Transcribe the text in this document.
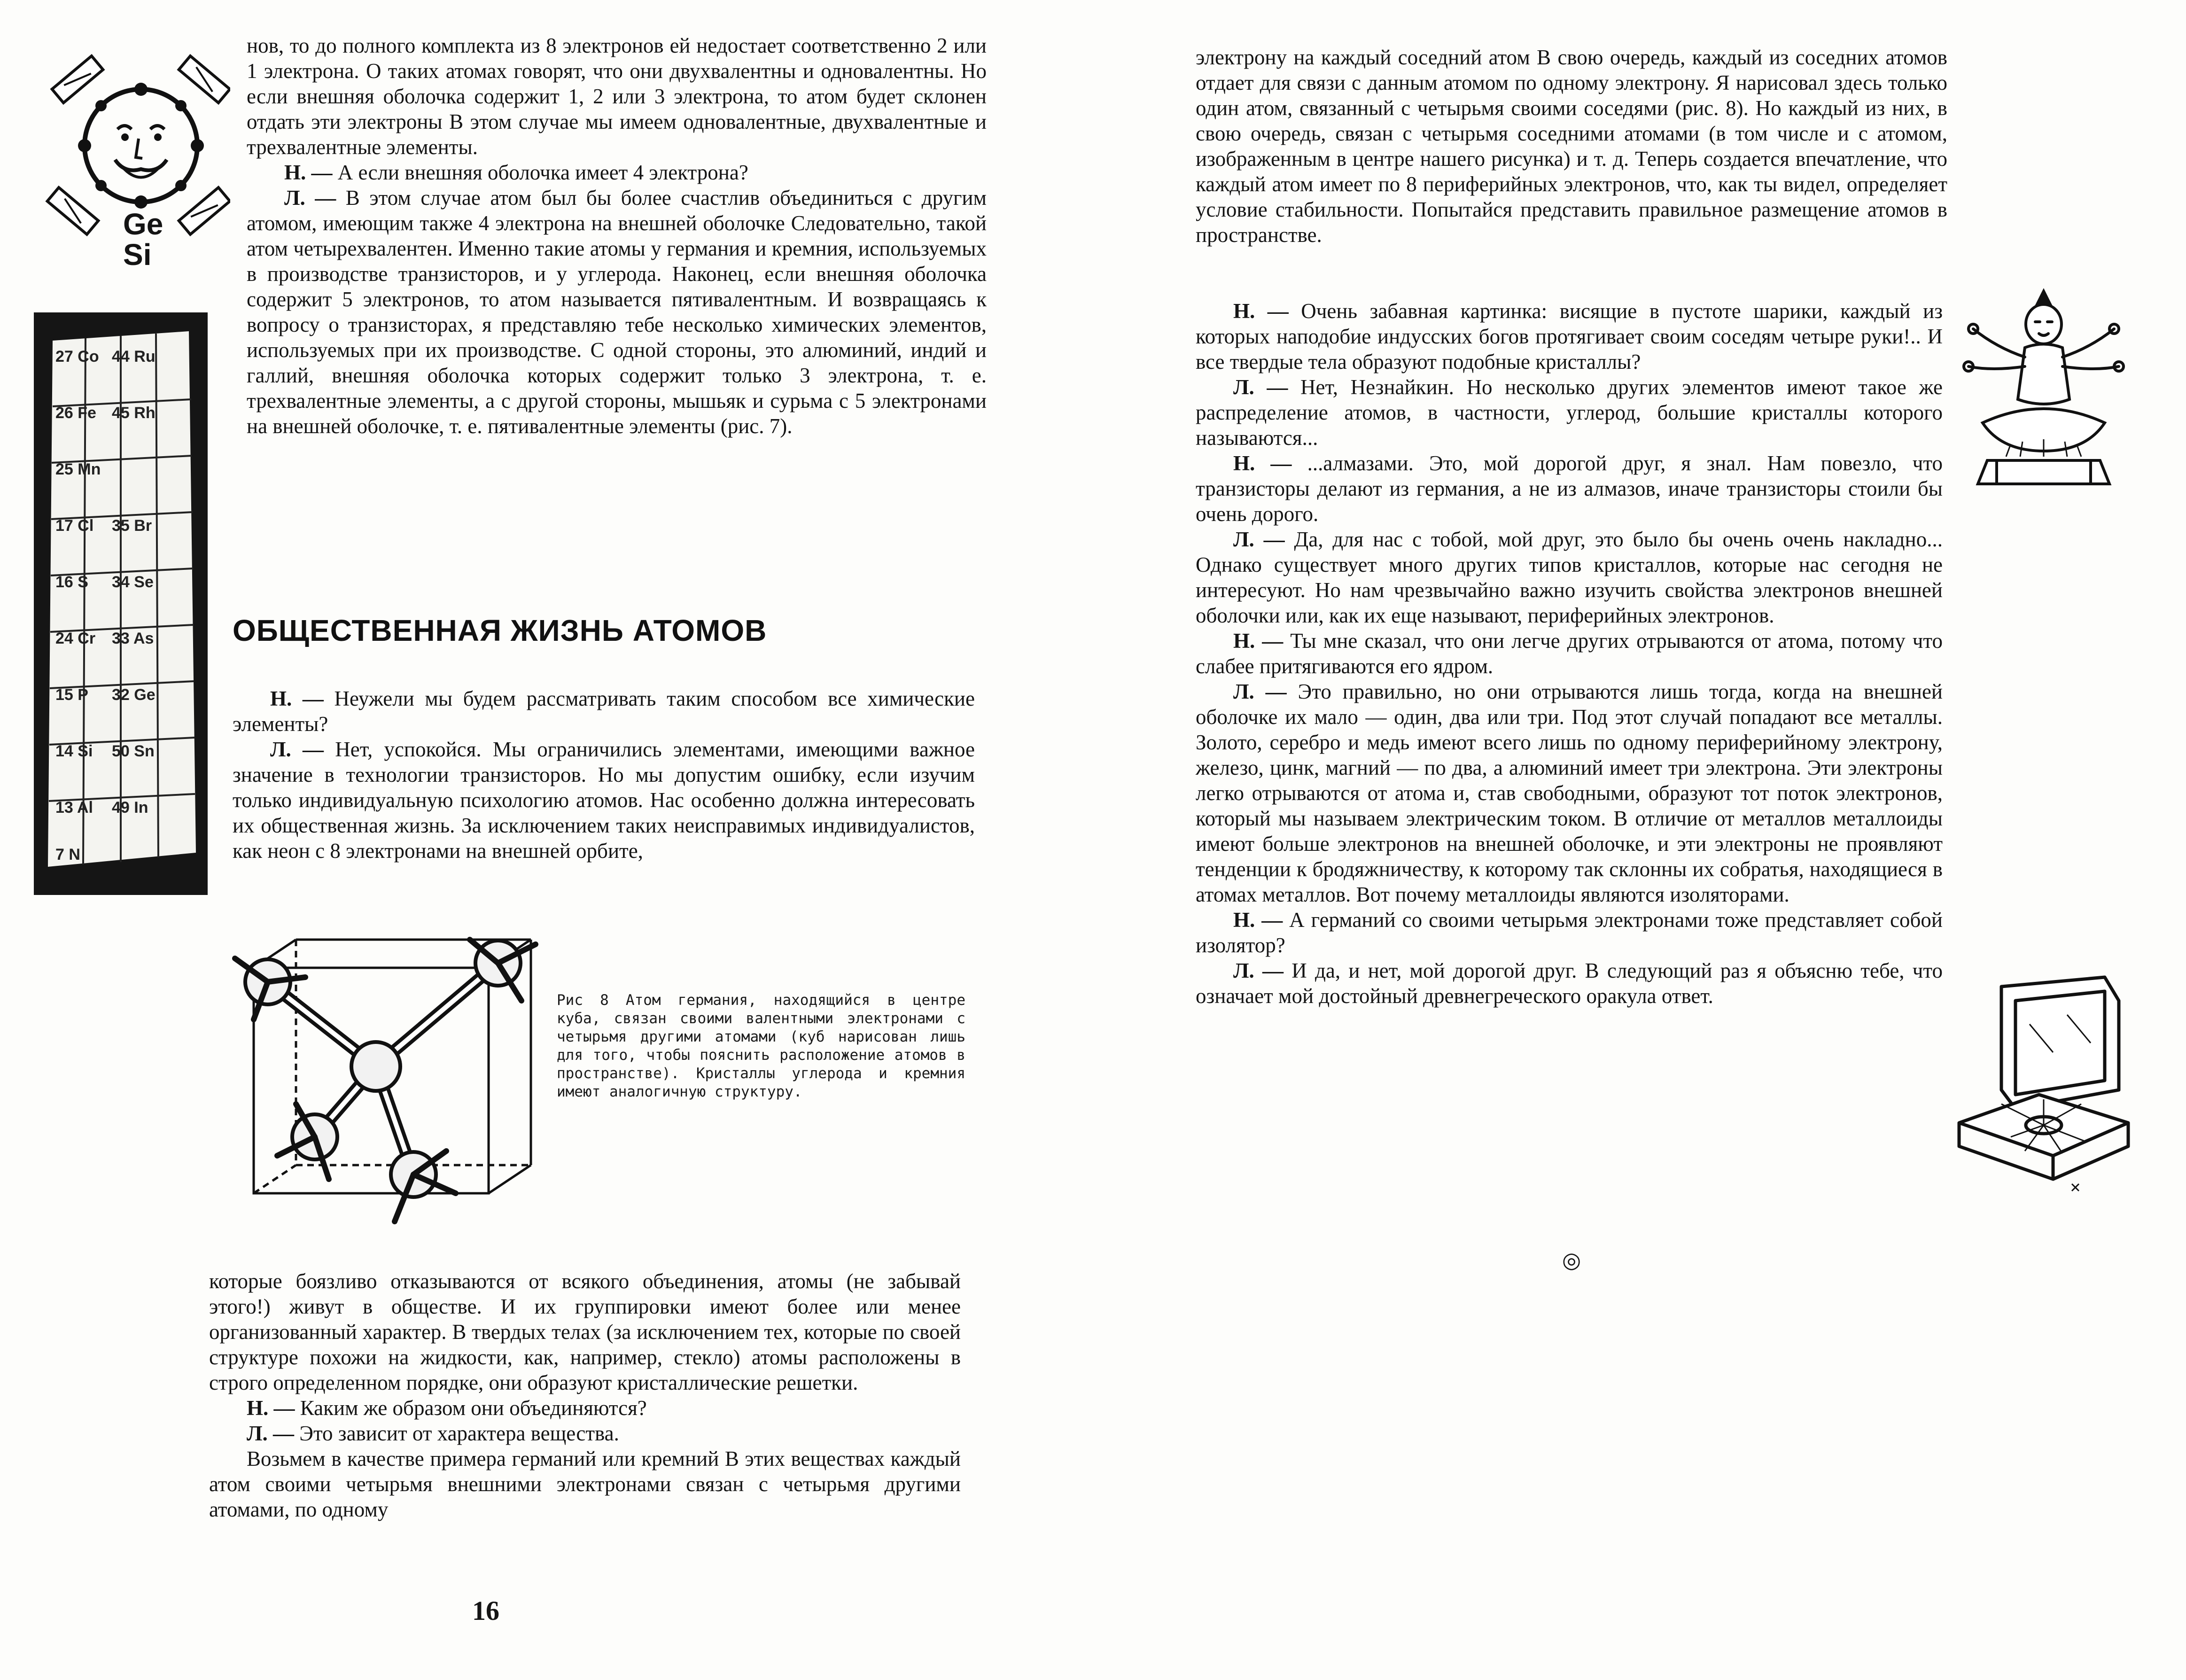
Ge
Si
27 Co 44 Ru
26 Fe 45 Rh
25 Mn
17 Cl 35 Br
16 S 34 Se
24 Cr 33 As
15 P 32 Ge
14 Si 50 Sn
13 Al 49 In
7 N

нов, то до полного комплекта из 8 электронов ей недостает соответственно 2 или 1 электрона. О таких атомах говорят, что они двухвалентны и одновалентны. Но если внешняя оболочка содержит 1, 2 или 3 электрона, то атом будет склонен отдать эти электроны В этом случае мы имеем одновалентные, двухвалентные и трехвалентные элементы.

Н. — А если внешняя оболочка имеет 4 электрона?

Л. — В этом случае атом был бы более счастлив объединиться с другим атомом, имеющим также 4 электрона на внешней оболочке Следовательно, такой атом четырехвалентен. Именно такие атомы у германия и кремния, используемых в производстве транзисторов, и у углерода. Наконец, если внешняя оболочка содержит 5 электронов, то атом называется пятивалентным. И возвращаясь к вопросу о транзисторах, я представляю тебе несколько химических элементов, используемых при их производстве. С одной стороны, это алюминий, индий и галлий, внешняя оболочка которых содержит только 3 электрона, т. е. трехвалентные элементы, а с другой стороны, мышьяк и сурьма с 5 электронами на внешней оболочке, т. е. пятивалентные элементы (рис. 7).

ОБЩЕСТВЕННАЯ ЖИЗНЬ АТОМОВ

Н. — Неужели мы будем рассматривать таким способом все химические элементы?

Л. — Нет, успокойся. Мы ограничились элементами, имеющими важное значение в технологии транзисторов. Но мы допустим ошибку, если изучим только индивидуальную психологию атомов. Нас особенно должна интересовать их общественная жизнь. За исключением таких неисправимых индивидуалистов, как неон с 8 электронами на внешней орбите,

Рис 8 Атом германия, находящийся в центре куба, связан своими валентными электронами с четырьмя другими атомами (куб нарисован лишь для того, чтобы пояснить расположение атомов в пространстве). Кристаллы углерода и кремния имеют аналогичную структуру.

которые боязливо отказываются от всякого объединения, атомы (не забывай этого!) живут в обществе. И их группировки имеют более или менее организованный характер. В твердых телах (за исключением тех, которые по своей структуре похожи на жидкости, как, например, стекло) атомы расположены в строго определенном порядке, они образуют кристаллические решетки.

Н. — Каким же образом они объединяются?

Л. — Это зависит от характера вещества.

Возьмем в качестве примера германий или кремний В этих веществах каждый атом своими четырьмя внешними электронами связан с четырьмя другими атомами, по одному

16

электрону на каждый соседний атом В свою очередь, каждый из соседних атомов отдает для связи с данным атомом по одному электрону. Я нарисовал здесь только один атом, связанный с четырьмя своими соседями (рис. 8). Но каждый из них, в свою очередь, связан с четырьмя соседними атомами (в том числе и с атомом, изображенным в центре нашего рисунка) и т. д. Теперь создается впечатление, что каждый атом имеет по 8 периферийных электронов, что, как ты видел, определяет условие стабильности. Попытайся представить правильное размещение атомов в пространстве.

Н. — Очень забавная картинка: висящие в пустоте шарики, каждый из которых наподобие индусских богов протягивает своим соседям четыре руки!.. И все твердые тела образуют подобные кристаллы?

Л. — Нет, Незнайкин. Но несколько других элементов имеют такое же распределение атомов, в частности, углерод, большие кристаллы которого называются...

Н. — ...алмазами. Это, мой дорогой друг, я знал. Нам повезло, что транзисторы делают из германия, а не из алмазов, иначе транзисторы стоили бы очень дорого.

Л. — Да, для нас с тобой, мой друг, это было бы очень очень накладно... Однако существует много других типов кристаллов, которые нас сегодня не интересуют. Но нам чрезвычайно важно изучить свойства электронов внешней оболочки или, как их еще называют, периферийных электронов.

Н. — Ты мне сказал, что они легче других отрываются от атома, потому что слабее притягиваются его ядром.

Л. — Это правильно, но они отрываются лишь тогда, когда на внешней оболочке их мало — один, два или три. Под этот случай попадают все металлы. Золото, серебро и медь имеют всего лишь по одному периферийному электрону, железо, цинк, магний — по два, а алюминий имеет три электрона. Эти электроны легко отрываются от атома и, став свободными, образуют тот поток электронов, который мы называем электрическим током. В отличие от металлов металлоиды имеют больше электронов на внешней оболочке, и эти электроны не проявляют тенденции к бродяжничеству, к которому так склонны их собратья, находящиеся в атомах металлов. Вот почему металлоиды являются изоляторами.

Н. — А германий со своими четырьмя электронами тоже представляет собой изолятор?

Л. — И да, и нет, мой дорогой друг. В следующий раз я объясню тебе, что означает мой достойный древнегреческого оракула ответ.

◎
